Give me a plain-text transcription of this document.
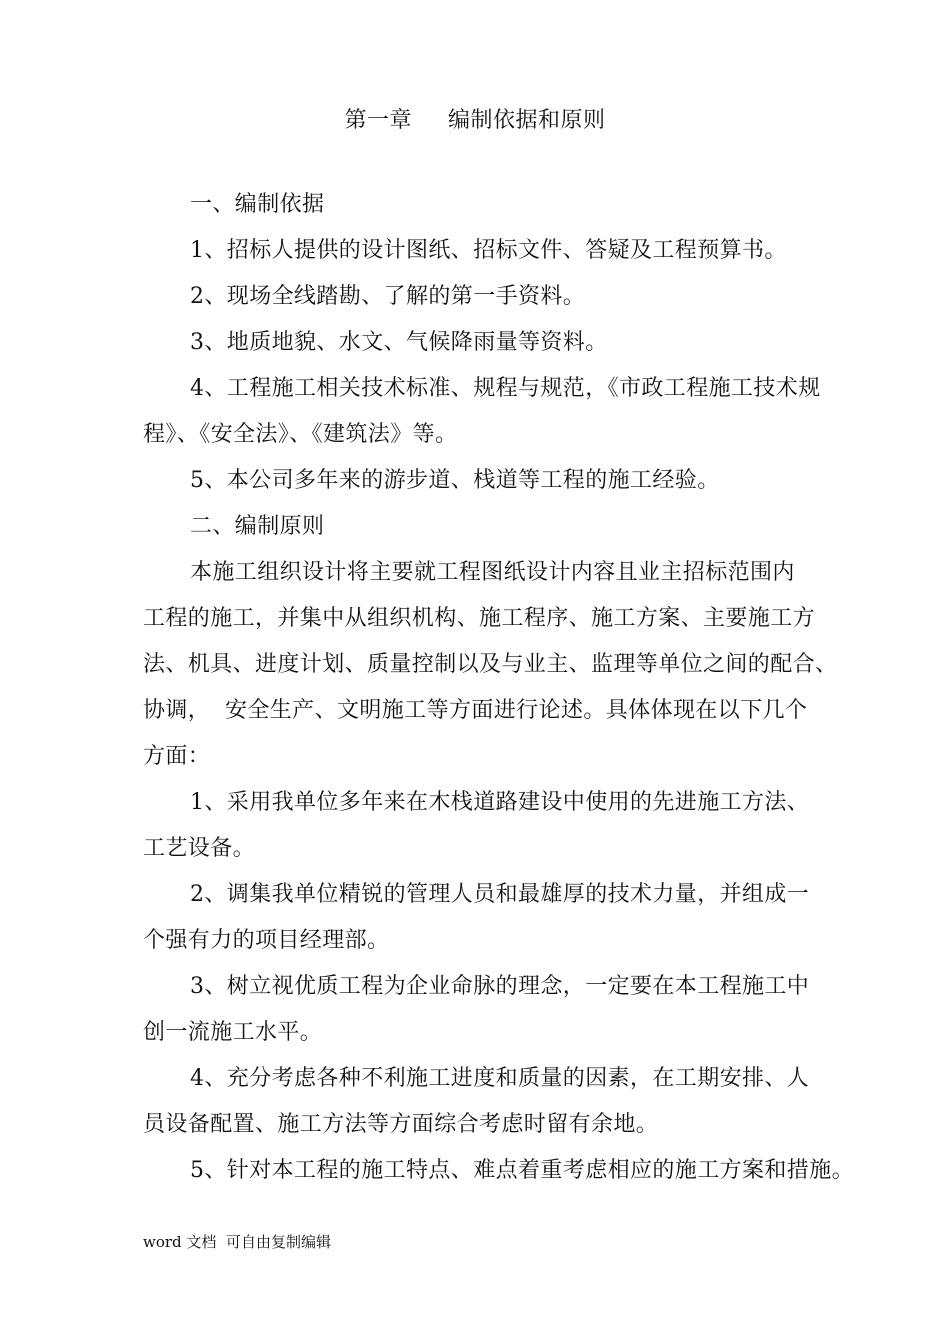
第一章 编制依据和原则
一、编制依据
1、招标人提供的设计图纸、招标文件、答疑及工程预算书。
2、现场全线踏勘、了解的第一手资料。
3、地质地貌、水文、气候降雨量等资料。
4、工程施工相关技术标准、规程与规范，《市政工程施工技术规
程》、《安全法》、《建筑法》等。
5、本公司多年来的游步道、栈道等工程的施工经验。
二、编制原则
本施工组织设计将主要就工程图纸设计内容且业主招标范围内
工程的施工，并集中从组织机构、施工程序、施工方案、主要施工方
法、机具、进度计划、质量控制以及与业主、监理等单位之间的配合、
协调，  安全生产、文明施工等方面进行论述。具体体现在以下几个
方面：
1、采用我单位多年来在木栈道路建设中使用的先进施工方法、
工艺设备。
2、调集我单位精锐的管理人员和最雄厚的技术力量，并组成一
个强有力的项目经理部。
3、树立视优质工程为企业命脉的理念，一定要在本工程施工中
创一流施工水平。
4、充分考虑各种不利施工进度和质量的因素，在工期安排、人
员设备配置、施工方法等方面综合考虑时留有余地。
5、针对本工程的施工特点、难点着重考虑相应的施工方案和措施。
word 文档  可自由复制编辑
